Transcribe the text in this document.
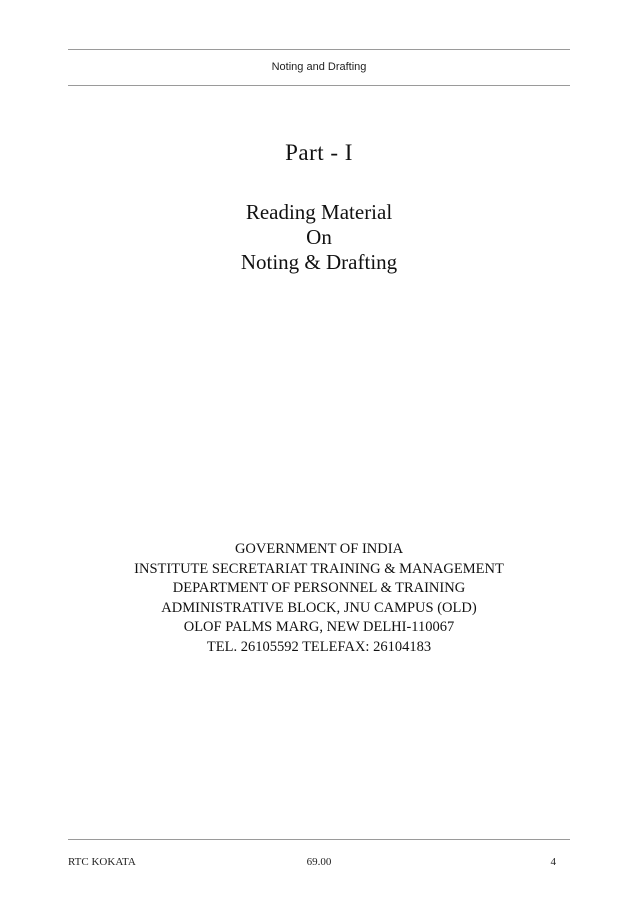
Noting and Drafting
Part - I
Reading Material
On
Noting & Drafting
GOVERNMENT OF INDIA
INSTITUTE SECRETARIAT TRAINING & MANAGEMENT
DEPARTMENT OF PERSONNEL & TRAINING
ADMINISTRATIVE BLOCK, JNU CAMPUS (OLD)
OLOF PALMS MARG, NEW DELHI-110067
TEL. 26105592 TELEFAX: 26104183
RTC KOKATA	69.00	4
